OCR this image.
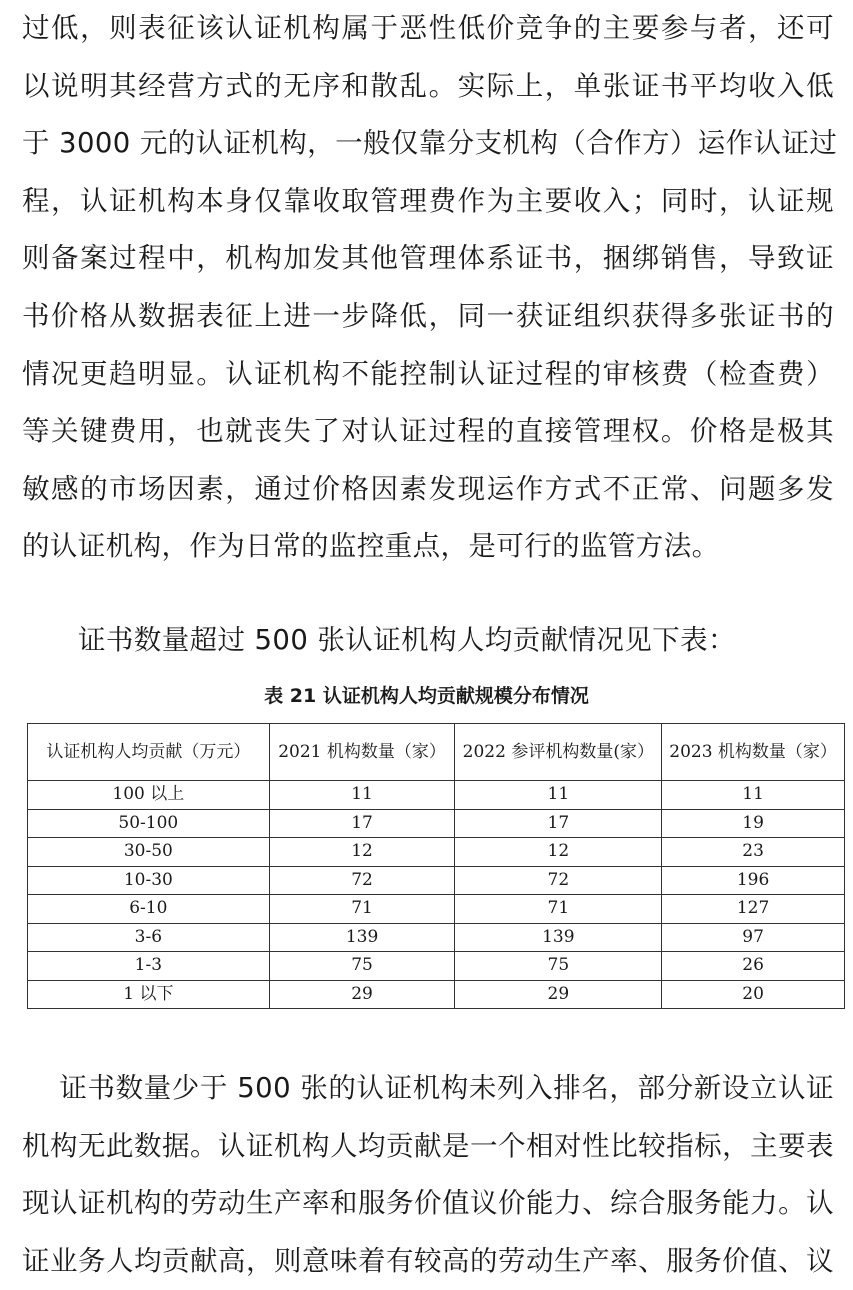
过低，则表征该认证机构属于恶性低价竞争的主要参与者，还可
以说明其经营方式的无序和散乱。实际上，单张证书平均收入低
于 3000 元的认证机构，一般仅靠分支机构（合作方）运作认证过
程，认证机构本身仅靠收取管理费作为主要收入；同时，认证规
则备案过程中，机构加发其他管理体系证书，捆绑销售，导致证
书价格从数据表征上进一步降低，同一获证组织获得多张证书的
情况更趋明显。认证机构不能控制认证过程的审核费（检查费）
等关键费用，也就丧失了对认证过程的直接管理权。价格是极其
敏感的市场因素，通过价格因素发现运作方式不正常、问题多发
的认证机构，作为日常的监控重点，是可行的监管方法。

证书数量超过 500 张认证机构人均贡献情况见下表：

表 21 认证机构人均贡献规模分布情况

认证机构人均贡献（万元）	2021 机构数量（家）	2022 参评机构数量(家）	2023 机构数量（家）
100 以上	11	11	11
50-100	17	17	19
30-50	12	12	23
10-30	72	72	196
6-10	71	71	127
3-6	139	139	97
1-3	75	75	26
1 以下	29	29	20
证书数量少于 500 张的认证机构未列入排名，部分新设立认证
机构无此数据。认证机构人均贡献是一个相对性比较指标，主要表
现认证机构的劳动生产率和服务价值议价能力、综合服务能力。认
证业务人均贡献高，则意味着有较高的劳动生产率、服务价值、议
